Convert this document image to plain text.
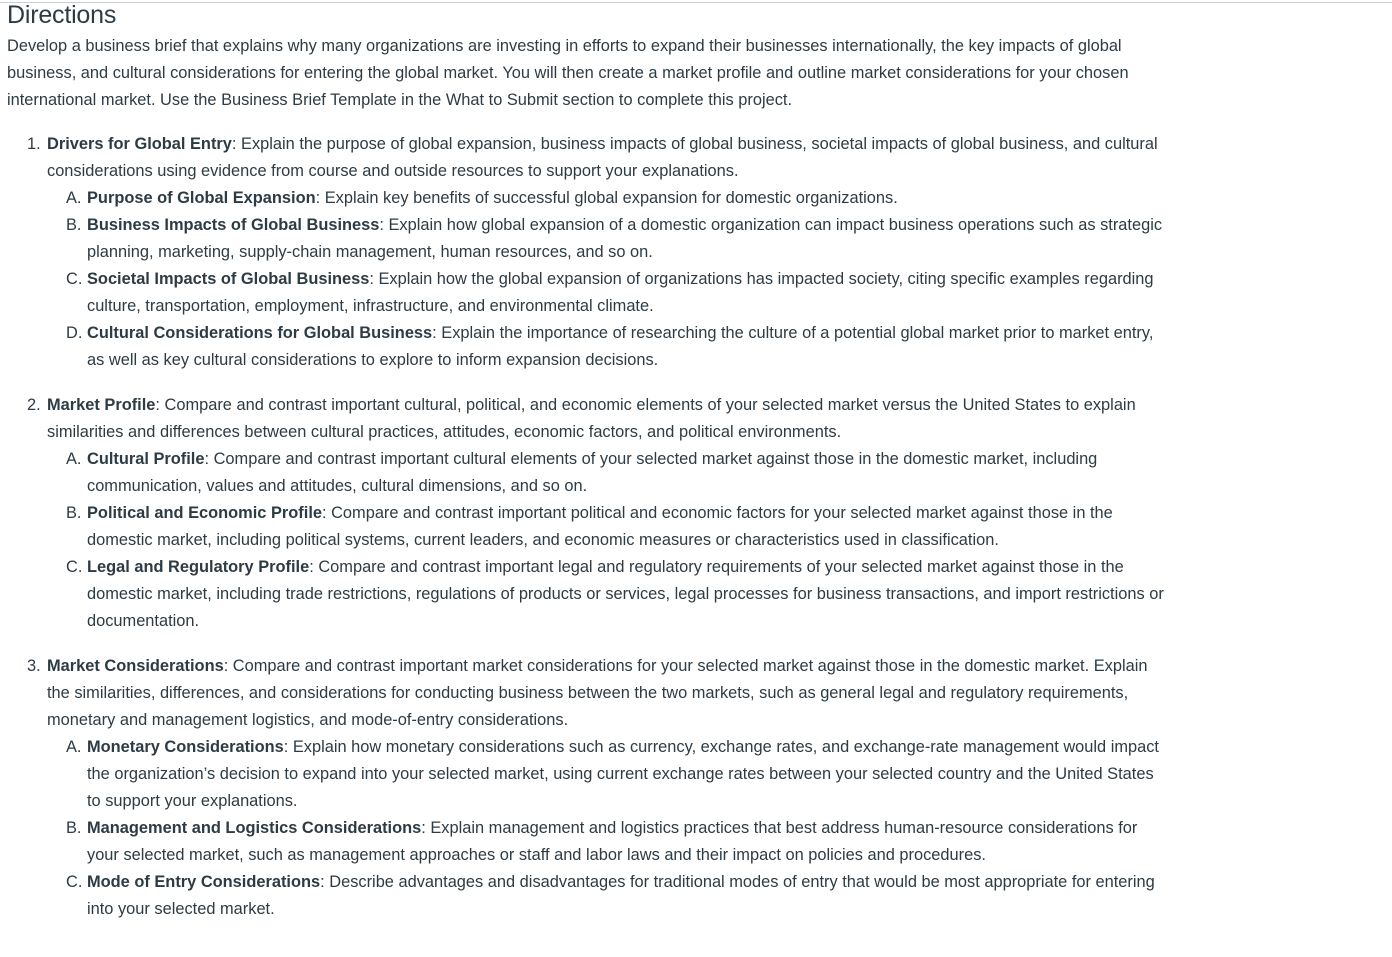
Directions

Develop a business brief that explains why many organizations are investing in efforts to expand their businesses internationally, the key impacts of global business, and cultural considerations for entering the global market. You will then create a market profile and outline market considerations for your chosen international market. Use the Business Brief Template in the What to Submit section to complete this project.

1. Drivers for Global Entry: Explain the purpose of global expansion, business impacts of global business, societal impacts of global business, and cultural considerations using evidence from course and outside resources to support your explanations.
A. Purpose of Global Expansion: Explain key benefits of successful global expansion for domestic organizations.
B. Business Impacts of Global Business: Explain how global expansion of a domestic organization can impact business operations such as strategic planning, marketing, supply-chain management, human resources, and so on.
C. Societal Impacts of Global Business: Explain how the global expansion of organizations has impacted society, citing specific examples regarding culture, transportation, employment, infrastructure, and environmental climate.
D. Cultural Considerations for Global Business: Explain the importance of researching the culture of a potential global market prior to market entry, as well as key cultural considerations to explore to inform expansion decisions.
2. Market Profile: Compare and contrast important cultural, political, and economic elements of your selected market versus the United States to explain similarities and differences between cultural practices, attitudes, economic factors, and political environments.
A. Cultural Profile: Compare and contrast important cultural elements of your selected market against those in the domestic market, including communication, values and attitudes, cultural dimensions, and so on.
B. Political and Economic Profile: Compare and contrast important political and economic factors for your selected market against those in the domestic market, including political systems, current leaders, and economic measures or characteristics used in classification.
C. Legal and Regulatory Profile: Compare and contrast important legal and regulatory requirements of your selected market against those in the domestic market, including trade restrictions, regulations of products or services, legal processes for business transactions, and import restrictions or documentation.
3. Market Considerations: Compare and contrast important market considerations for your selected market against those in the domestic market. Explain the similarities, differences, and considerations for conducting business between the two markets, such as general legal and regulatory requirements, monetary and management logistics, and mode-of-entry considerations.
A. Monetary Considerations: Explain how monetary considerations such as currency, exchange rates, and exchange-rate management would impact the organization’s decision to expand into your selected market, using current exchange rates between your selected country and the United States to support your explanations.
B. Management and Logistics Considerations: Explain management and logistics practices that best address human-resource considerations for your selected market, such as management approaches or staff and labor laws and their impact on policies and procedures.
C. Mode of Entry Considerations: Describe advantages and disadvantages for traditional modes of entry that would be most appropriate for entering into your selected market.
